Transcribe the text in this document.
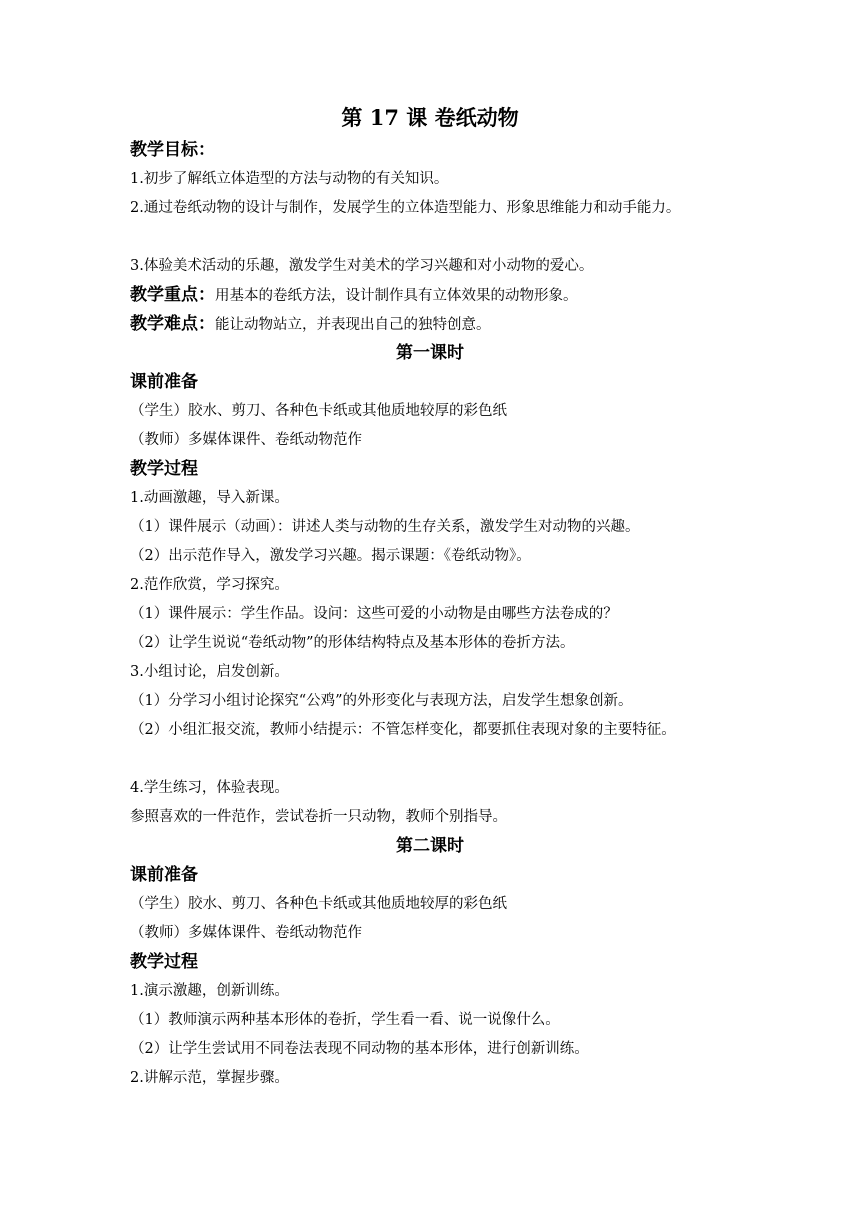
第 17 课 卷纸动物
教学目标：
1.初步了解纸立体造型的方法与动物的有关知识。
2.通过卷纸动物的设计与制作，发展学生的立体造型能力、形象思维能力和动手能力。
3.体验美术活动的乐趣，激发学生对美术的学习兴趣和对小动物的爱心。
教学重点：用基本的卷纸方法，设计制作具有立体效果的动物形象。
教学难点：能让动物站立，并表现出自己的独特创意。
第一课时
课前准备
（学生）胶水、剪刀、各种色卡纸或其他质地较厚的彩色纸
（教师）多媒体课件、卷纸动物范作
教学过程
1.动画激趣，导入新课。
（1）课件展示（动画）：讲述人类与动物的生存关系，激发学生对动物的兴趣。
（2）出示范作导入，激发学习兴趣。揭示课题：《卷纸动物》。
2.范作欣赏，学习探究。
（1）课件展示：学生作品。设问：这些可爱的小动物是由哪些方法卷成的？
（2）让学生说说“卷纸动物”的形体结构特点及基本形体的卷折方法。
3.小组讨论，启发创新。
（1）分学习小组讨论探究“公鸡”的外形变化与表现方法，启发学生想象创新。
（2）小组汇报交流，教师小结提示：不管怎样变化，都要抓住表现对象的主要特征。
4.学生练习，体验表现。
参照喜欢的一件范作，尝试卷折一只动物，教师个别指导。
第二课时
课前准备
（学生）胶水、剪刀、各种色卡纸或其他质地较厚的彩色纸
（教师）多媒体课件、卷纸动物范作
教学过程
1.演示激趣，创新训练。
（1）教师演示两种基本形体的卷折，学生看一看、说一说像什么。
（2）让学生尝试用不同卷法表现不同动物的基本形体，进行创新训练。
2.讲解示范，掌握步骤。
